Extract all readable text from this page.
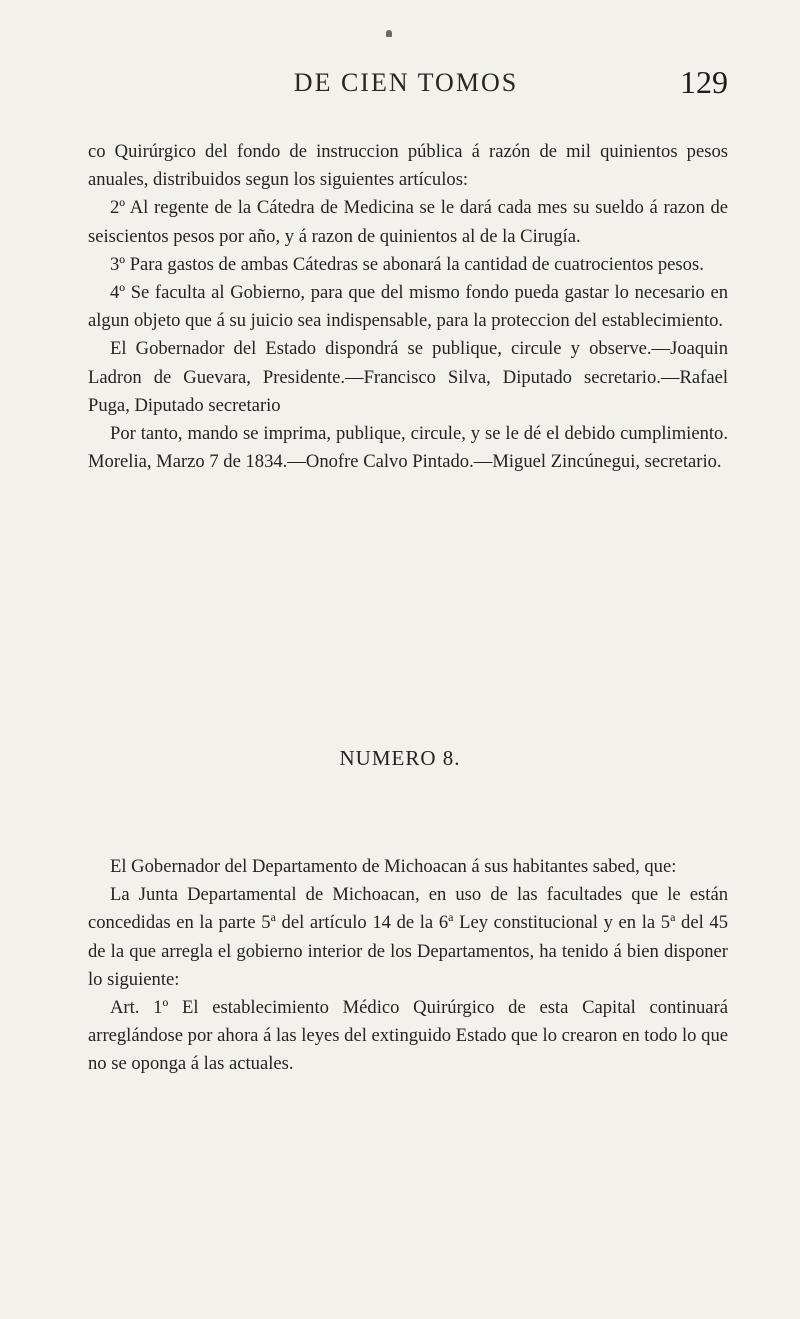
DE CIEN TOMOS	129

co Quirúrgico del fondo de instruccion pública á razón de mil quinientos pesos anuales, distribuidos segun los siguientes artículos:

2º Al regente de la Cátedra de Medicina se le dará cada mes su sueldo á razon de seiscientos pesos por año, y á razon de quinientos al de la Cirugía.

3º Para gastos de ambas Cátedras se abonará la cantidad de cuatrocientos pesos.

4º Se faculta al Gobierno, para que del mismo fondo pueda gastar lo necesario en algun objeto que á su juicio sea indispensable, para la proteccion del establecimiento.

El Gobernador del Estado dispondrá se publique, circule y observe.—Joaquin Ladron de Guevara, Presidente.—Francisco Silva, Diputado secretario.—Rafael Puga, Diputado secretario

Por tanto, mando se imprima, publique, circule, y se le dé el debido cumplimiento. Morelia, Marzo 7 de 1834.—Onofre Calvo Pintado.—Miguel Zincúnegui, secretario.

NUMERO 8.

El Gobernador del Departamento de Michoacan á sus habitantes sabed, que:

La Junta Departamental de Michoacan, en uso de las facultades que le están concedidas en la parte 5$^a$ del artículo 14 de la 6$^a$ Ley constitucional y en la 5$^a$ del 45 de la que arregla el gobierno interior de los Departamentos, ha tenido á bien disponer lo siguiente:

Art. 1º El establecimiento Médico Quirúrgico de esta Capital continuará arreglándose por ahora á las leyes del extinguido Estado que lo crearon en todo lo que no se oponga á las actuales.
